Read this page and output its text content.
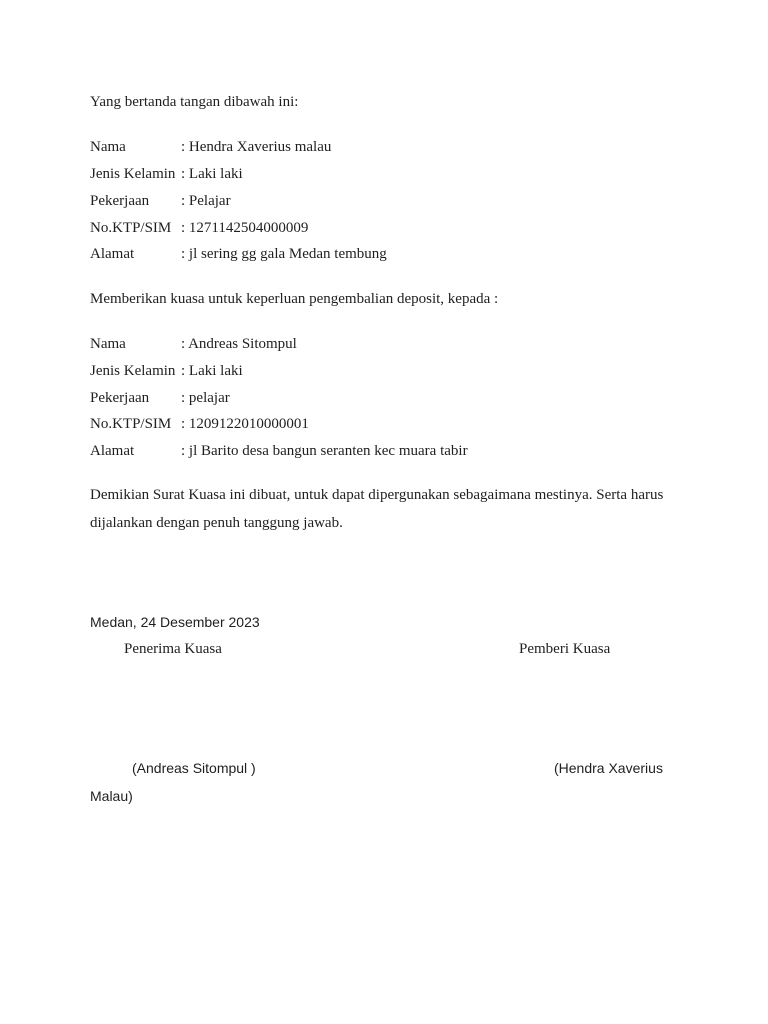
Yang bertanda tangan dibawah ini:
Nama	: Hendra Xaverius malau
Jenis Kelamin : Laki laki
Pekerjaan : Pelajar
No.KTP/SIM : 1271142504000009
Alamat	: jl sering gg gala Medan tembung
Memberikan kuasa untuk keperluan pengembalian deposit, kepada :
Nama	: Andreas Sitompul
Jenis Kelamin : Laki laki
Pekerjaan : pelajar
No.KTP/SIM : 1209122010000001
Alamat	: jl Barito desa bangun seranten kec muara tabir
Demikian Surat Kuasa ini dibuat, untuk dapat dipergunakan sebagaimana mestinya. Serta harus dijalankan dengan penuh tanggung jawab.
Medan, 24 Desember 2023
Penerima Kuasa	Pemberi Kuasa
(Andreas Sitompul )	(Hendra Xaverius
Malau)
